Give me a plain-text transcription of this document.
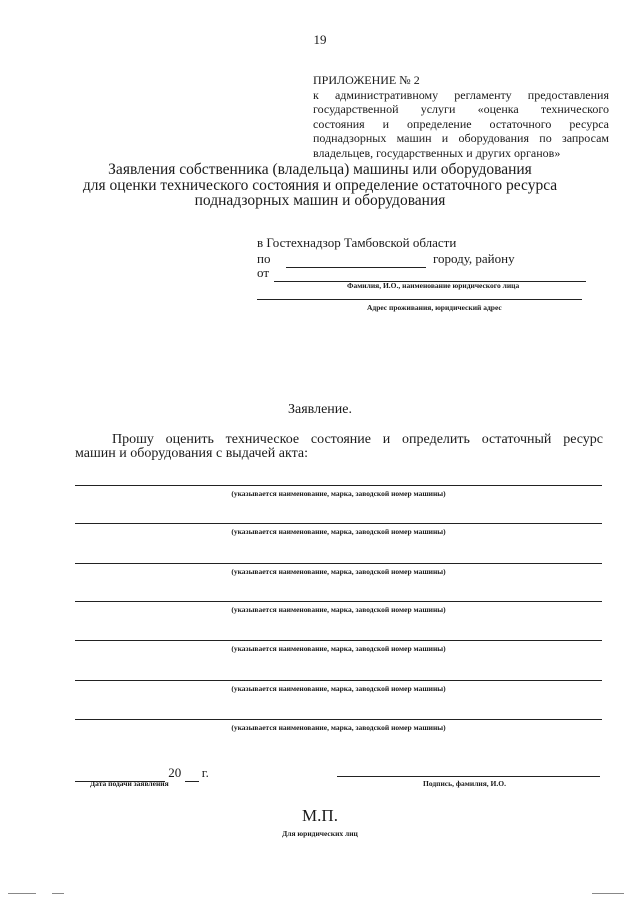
19
ПРИЛОЖЕНИЕ № 2
к административному регламенту предоставления
государственной услуги «оценка технического
состояния и определение остаточного ресурса
поднадзорных машин и оборудования по запросам
владельцев, государственных и других органов»
Заявления собственника (владельца) машины или оборудования
для оценки технического состояния и определение остаточного ресурса
поднадзорных машин и оборудования
в Гостехнадзор Тамбовской области
по	городу, району
от
Фамилия, И.О., наименование юридического лица
Адрес проживания, юридический адрес
Заявление.
Прошу оценить техническое состояние и определить остаточный ресурс
машин и оборудования с выдачей акта:
(указывается наименование, марка, заводской номер машины)
(указывается наименование, марка, заводской номер машины)
(указывается наименование, марка, заводской номер машины)
(указывается наименование, марка, заводской номер машины)
(указывается наименование, марка, заводской номер машины)
(указывается наименование, марка, заводской номер машины)
(указывается наименование, марка, заводской номер машины)
20 г.
Дата подачи заявления	Подпись, фамилия, И.О.
М.П.
Для юридических лиц
